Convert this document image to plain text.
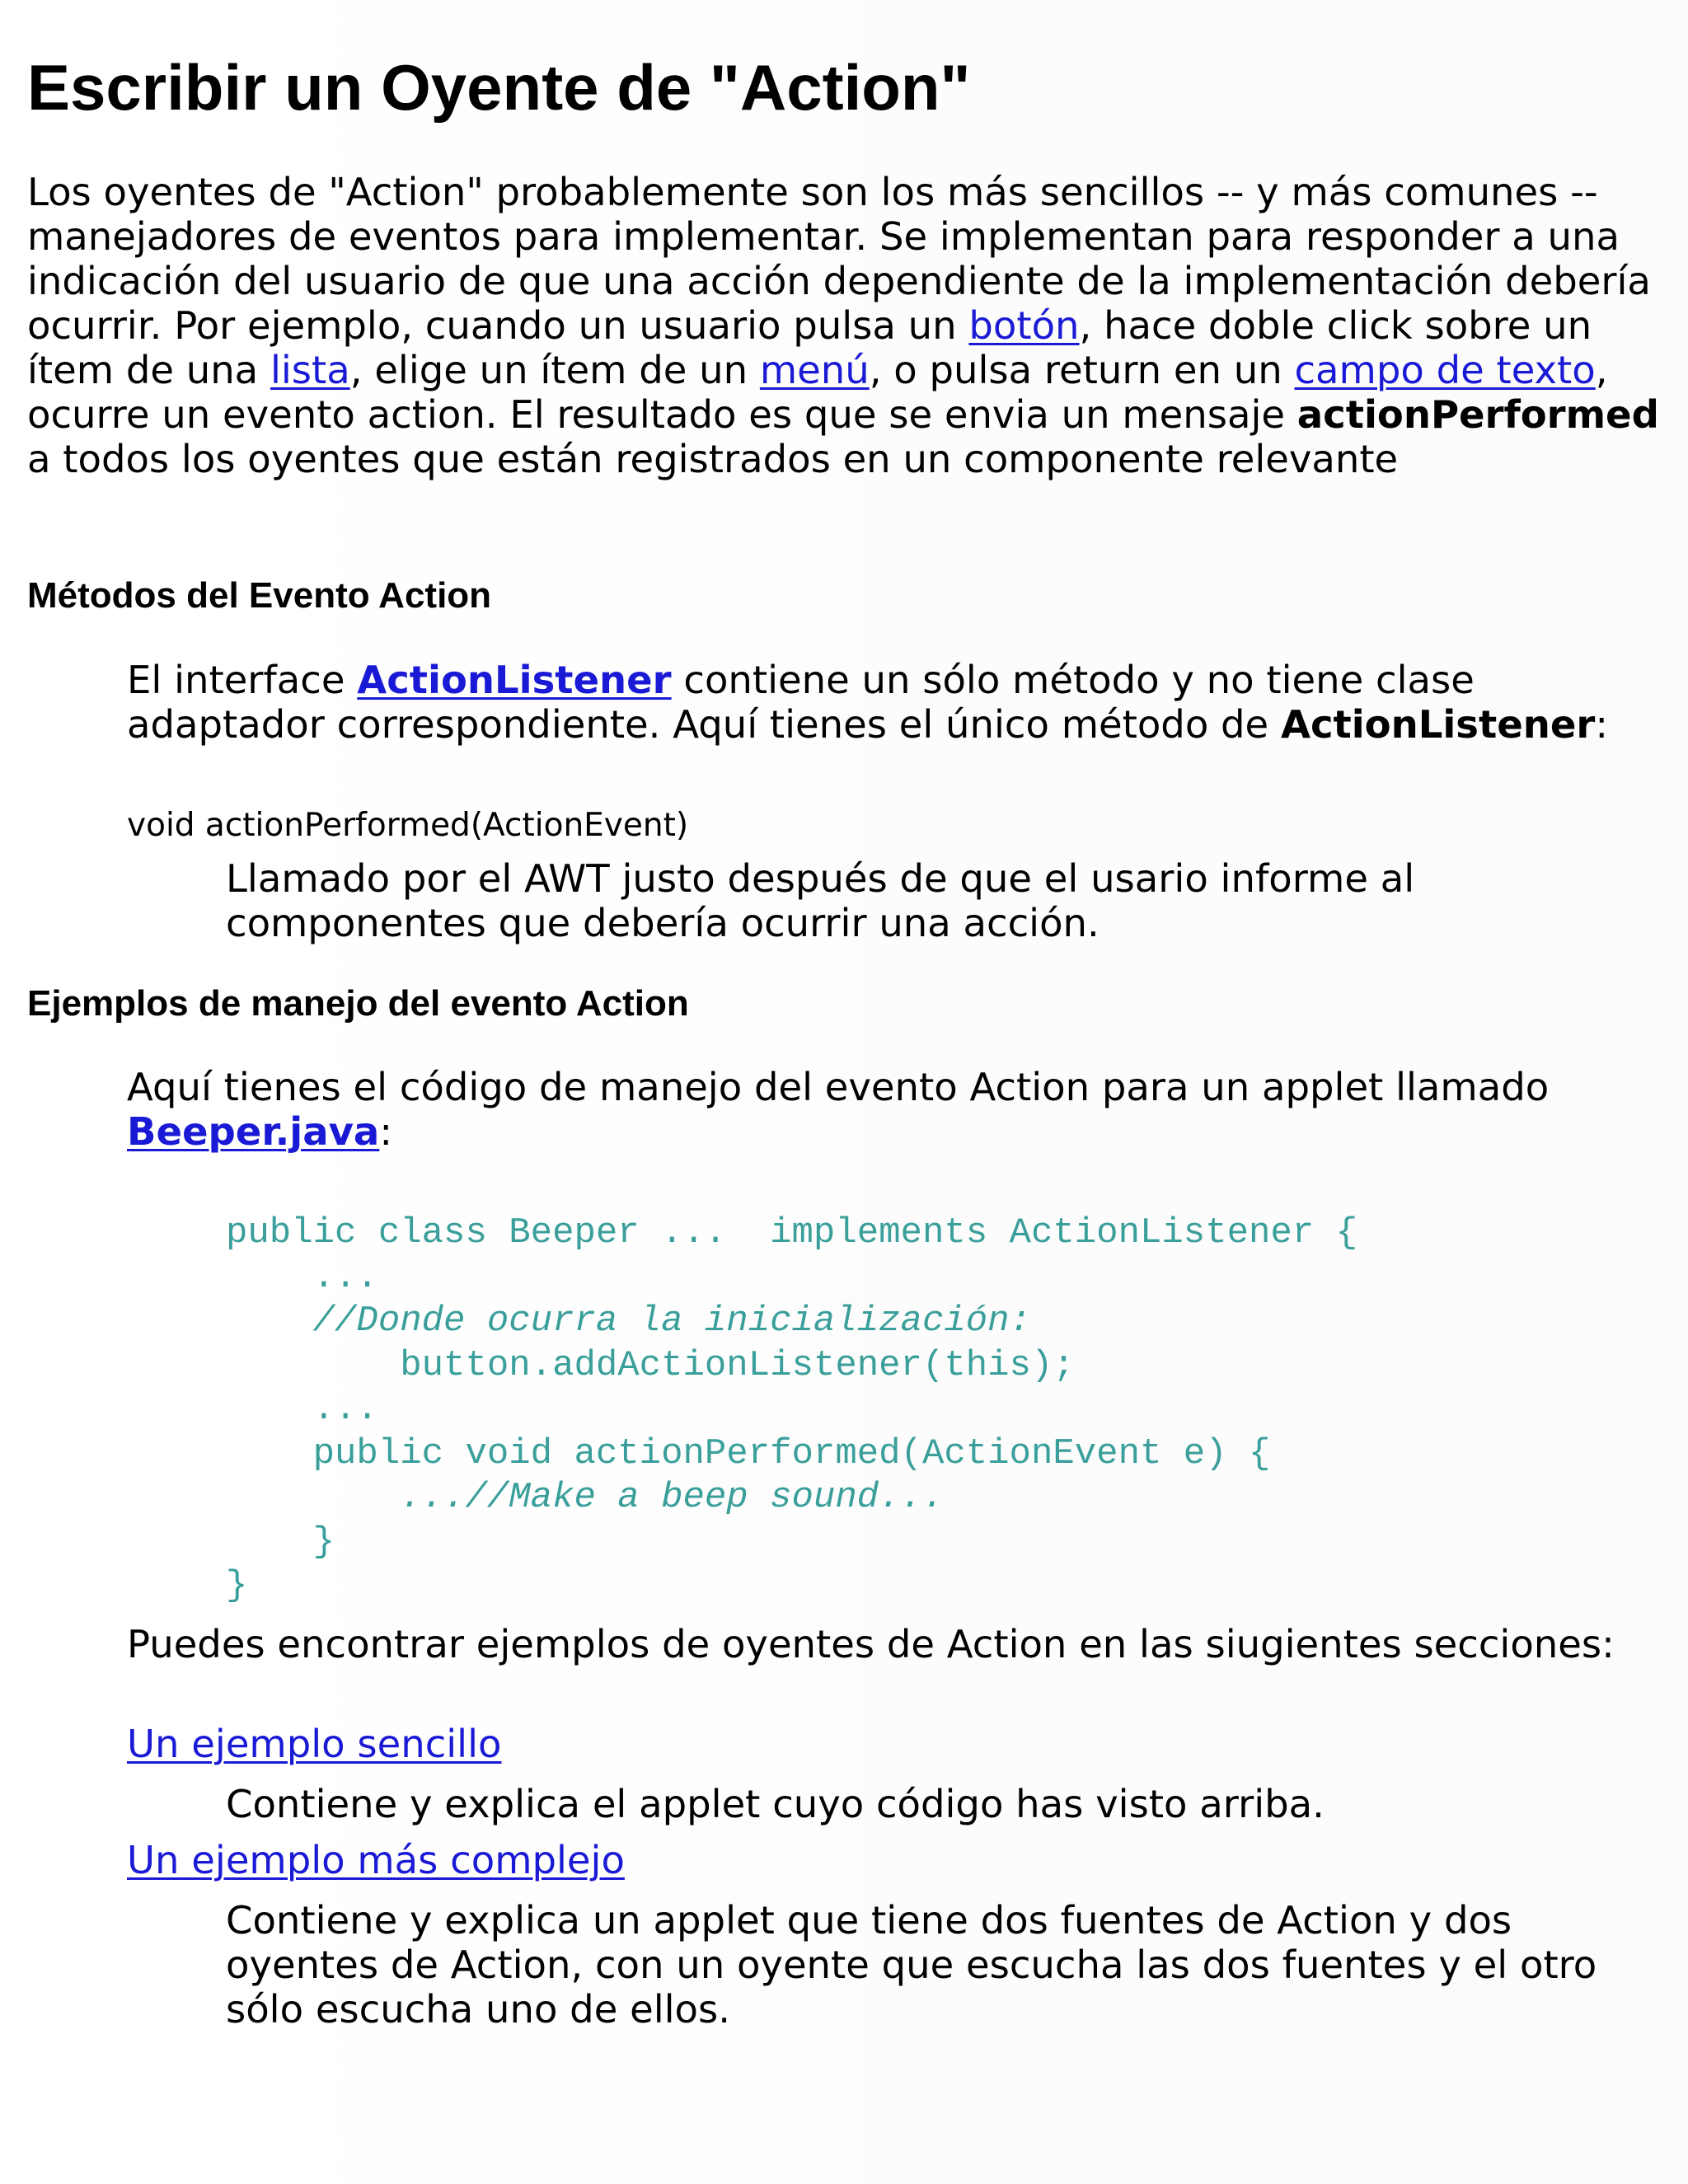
Escribir un Oyente de "Action"

Los oyentes de "Action" probablemente son los más sencillos -- y más comunes -- manejadores de eventos para implementar. Se implementan para responder a una indicación del usuario de que una acción dependiente de la implementación debería ocurrir. Por ejemplo, cuando un usuario pulsa un botón, hace doble click sobre un ítem de una lista, elige un ítem de un menú, o pulsa return en un campo de texto, ocurre un evento action. El resultado es que se envia un mensaje actionPerformed a todos los oyentes que están registrados en un componente relevante

Métodos del Evento Action

El interface ActionListener contiene un sólo método y no tiene clase adaptador correspondiente. Aquí tienes el único método de ActionListener:

void actionPerformed(ActionEvent)
Llamado por el AWT justo después de que el usario informe al componentes que debería ocurrir una acción.
Ejemplos de manejo del evento Action

Aquí tienes el código de manejo del evento Action para un applet llamado Beeper.java:

public class Beeper ...  implements ActionListener {
...
//Donde ocurra la inicialización:
button.addActionListener(this);
...
public void actionPerformed(ActionEvent e) {
...//Make a beep sound...
}
}
Puedes encontrar ejemplos de oyentes de Action en las siugientes secciones:
Un ejemplo sencillo
Contiene y explica el applet cuyo código has visto arriba.
Un ejemplo más complejo
Contiene y explica un applet que tiene dos fuentes de Action y dos oyentes de Action, con un oyente que escucha las dos fuentes y el otro sólo escucha uno de ellos.
